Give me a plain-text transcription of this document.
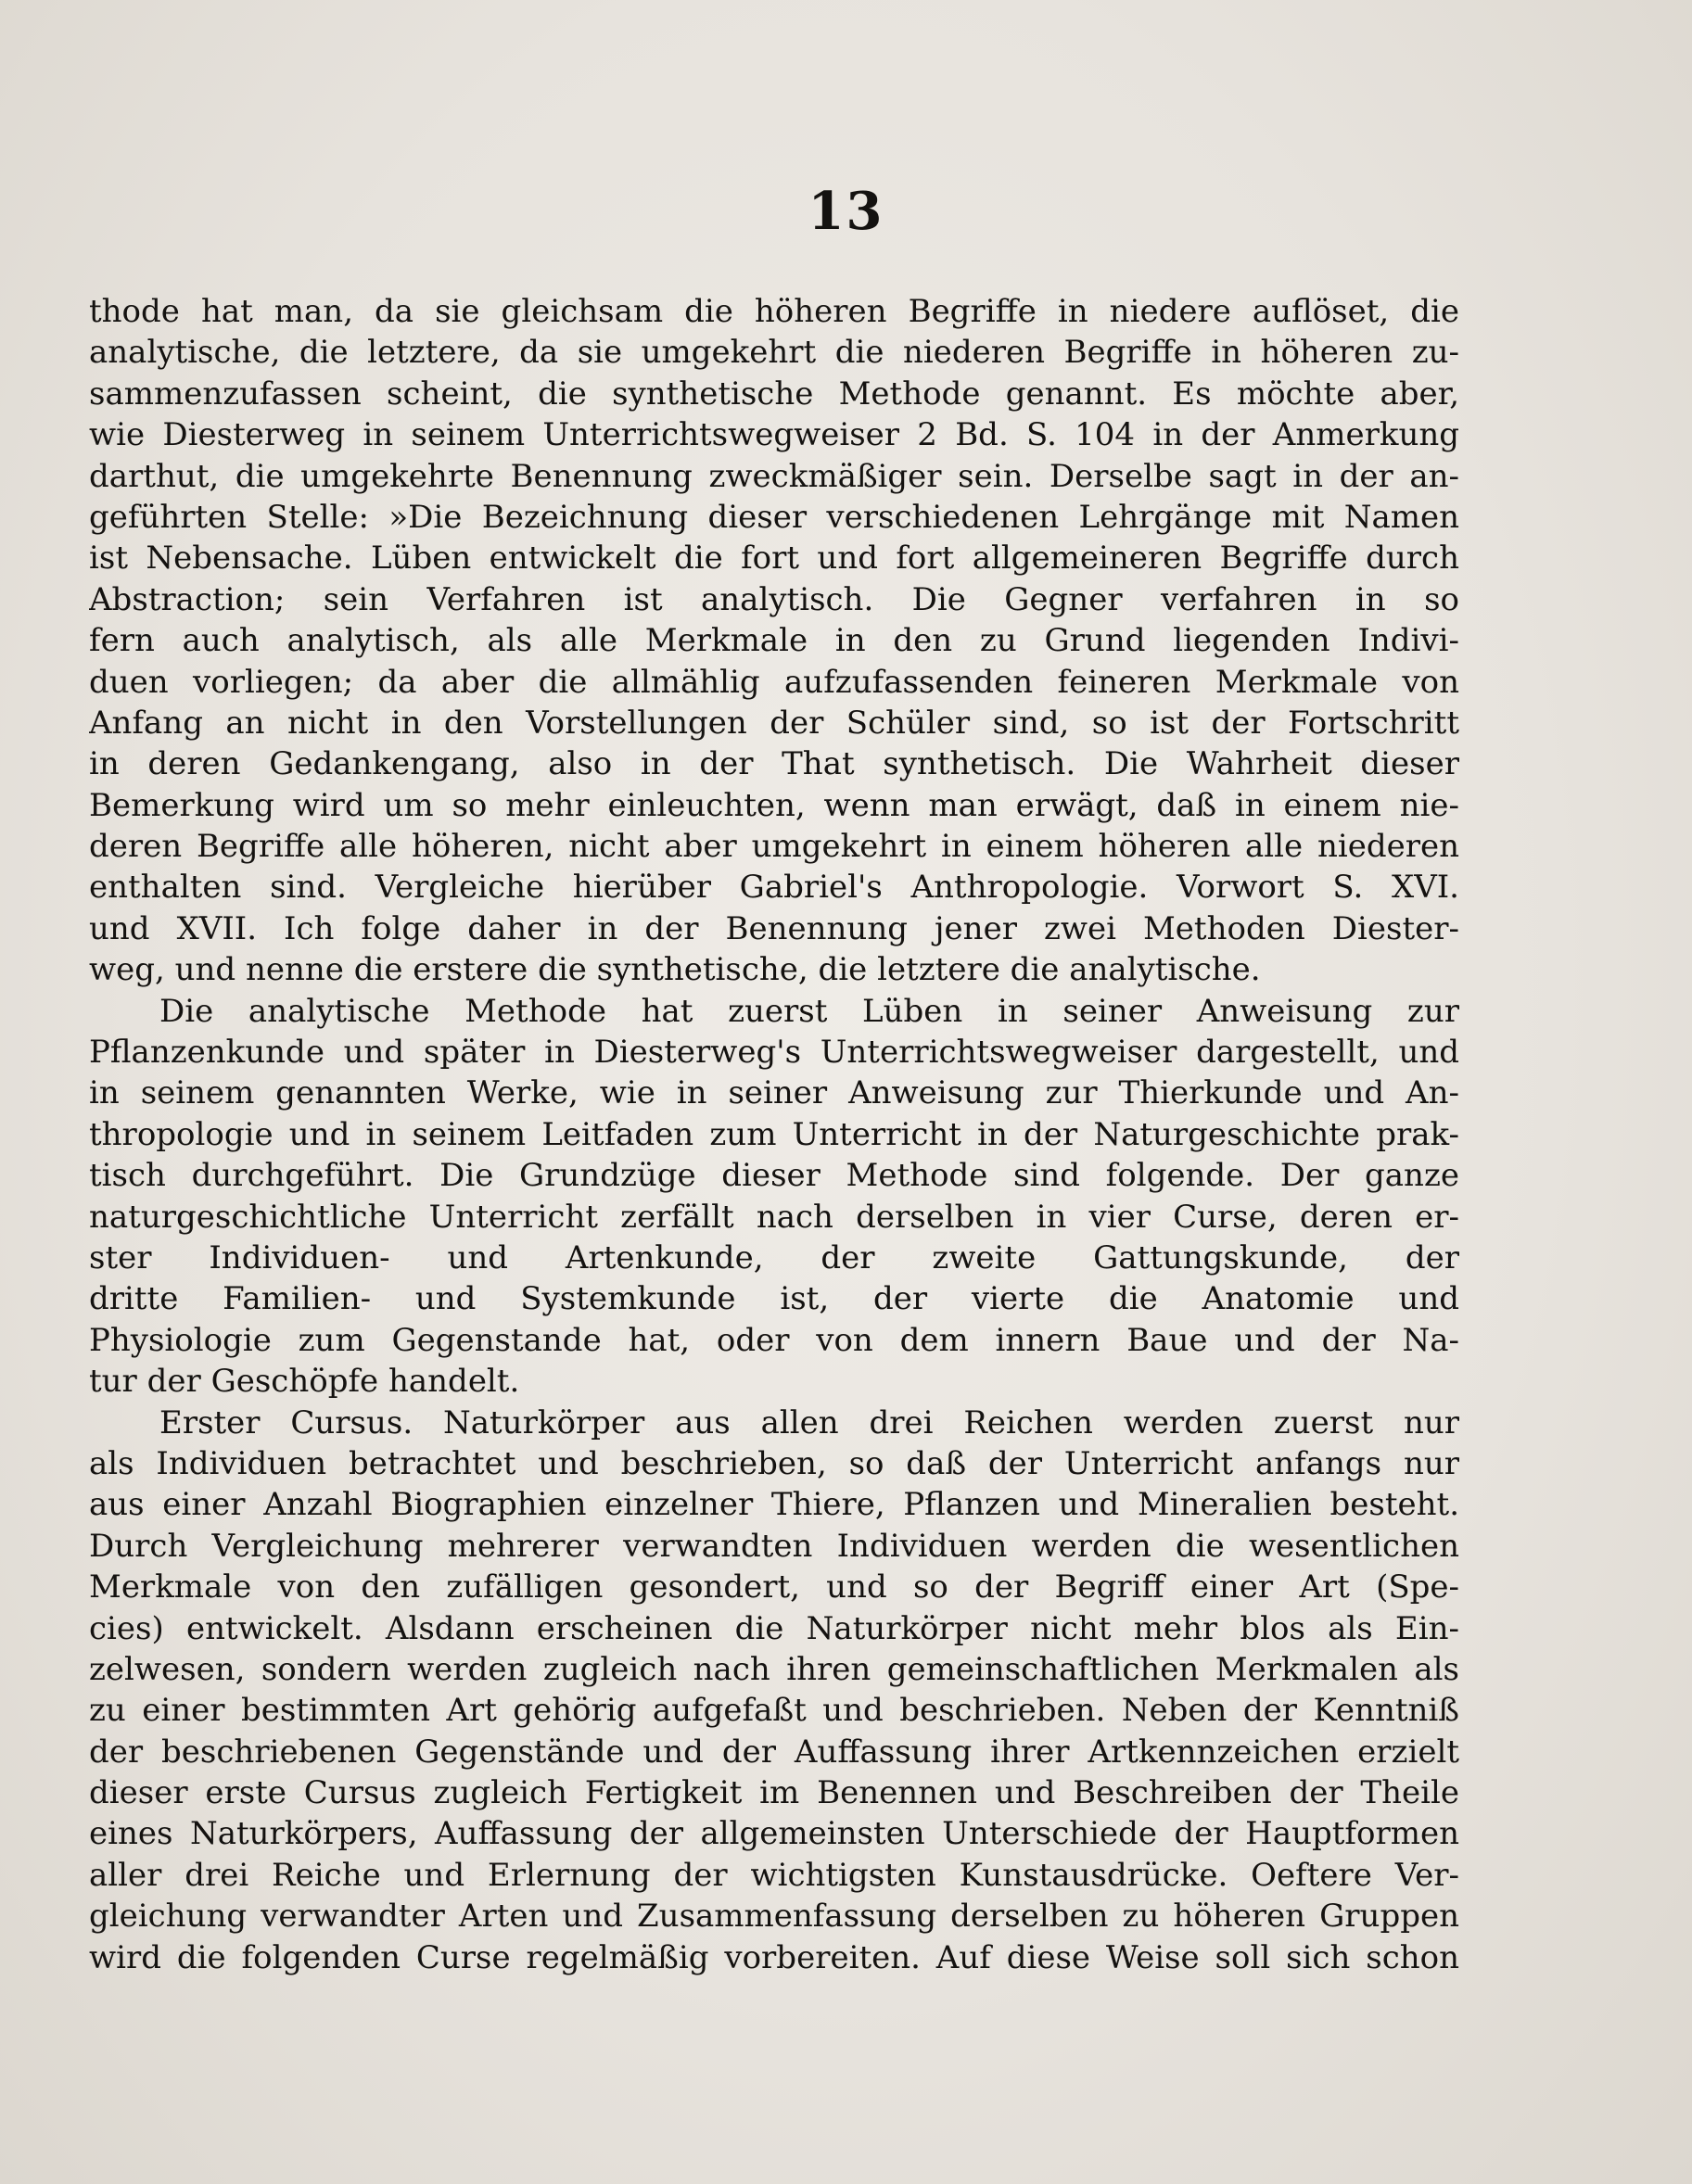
13
thode hat man, da sie gleichsam die höheren Begriffe in niedere auflöset, die
analytische, die letztere, da sie umgekehrt die niederen Begriffe in höheren zu-
sammenzufassen scheint, die synthetische Methode genannt. Es möchte aber,
wie Diesterweg in seinem Unterrichtswegweiser 2 Bd. S. 104 in der Anmerkung
darthut, die umgekehrte Benennung zweckmäßiger sein. Derselbe sagt in der an-
geführten Stelle: »Die Bezeichnung dieser verschiedenen Lehrgänge mit Namen
ist Nebensache. Lüben entwickelt die fort und fort allgemeineren Begriffe durch
Abstraction; sein Verfahren ist analytisch. Die Gegner verfahren in so
fern auch analytisch, als alle Merkmale in den zu Grund liegenden Indivi-
duen vorliegen; da aber die allmählig aufzufassenden feineren Merkmale von
Anfang an nicht in den Vorstellungen der Schüler sind, so ist der Fortschritt
in deren Gedankengang, also in der That synthetisch. Die Wahrheit dieser
Bemerkung wird um so mehr einleuchten, wenn man erwägt, daß in einem nie-
deren Begriffe alle höheren, nicht aber umgekehrt in einem höheren alle niederen
enthalten sind. Vergleiche hierüber Gabriel's Anthropologie. Vorwort S. XVI.
und XVII. Ich folge daher in der Benennung jener zwei Methoden Diester-
weg, und nenne die erstere die synthetische, die letztere die analytische.
Die analytische Methode hat zuerst Lüben in seiner Anweisung zur
Pflanzenkunde und später in Diesterweg's Unterrichtswegweiser dargestellt, und
in seinem genannten Werke, wie in seiner Anweisung zur Thierkunde und An-
thropologie und in seinem Leitfaden zum Unterricht in der Naturgeschichte prak-
tisch durchgeführt. Die Grundzüge dieser Methode sind folgende. Der ganze
naturgeschichtliche Unterricht zerfällt nach derselben in vier Curse, deren er-
ster Individuen- und Artenkunde, der zweite Gattungskunde, der
dritte Familien- und Systemkunde ist, der vierte die Anatomie und
Physiologie zum Gegenstande hat, oder von dem innern Baue und der Na-
tur der Geschöpfe handelt.
Erster Cursus. Naturkörper aus allen drei Reichen werden zuerst nur
als Individuen betrachtet und beschrieben, so daß der Unterricht anfangs nur
aus einer Anzahl Biographien einzelner Thiere, Pflanzen und Mineralien besteht.
Durch Vergleichung mehrerer verwandten Individuen werden die wesentlichen
Merkmale von den zufälligen gesondert, und so der Begriff einer Art (Spe-
cies) entwickelt. Alsdann erscheinen die Naturkörper nicht mehr blos als Ein-
zelwesen, sondern werden zugleich nach ihren gemeinschaftlichen Merkmalen als
zu einer bestimmten Art gehörig aufgefaßt und beschrieben. Neben der Kenntniß
der beschriebenen Gegenstände und der Auffassung ihrer Artkennzeichen erzielt
dieser erste Cursus zugleich Fertigkeit im Benennen und Beschreiben der Theile
eines Naturkörpers, Auffassung der allgemeinsten Unterschiede der Hauptformen
aller drei Reiche und Erlernung der wichtigsten Kunstausdrücke. Oeftere Ver-
gleichung verwandter Arten und Zusammenfassung derselben zu höheren Gruppen
wird die folgenden Curse regelmäßig vorbereiten. Auf diese Weise soll sich schon
